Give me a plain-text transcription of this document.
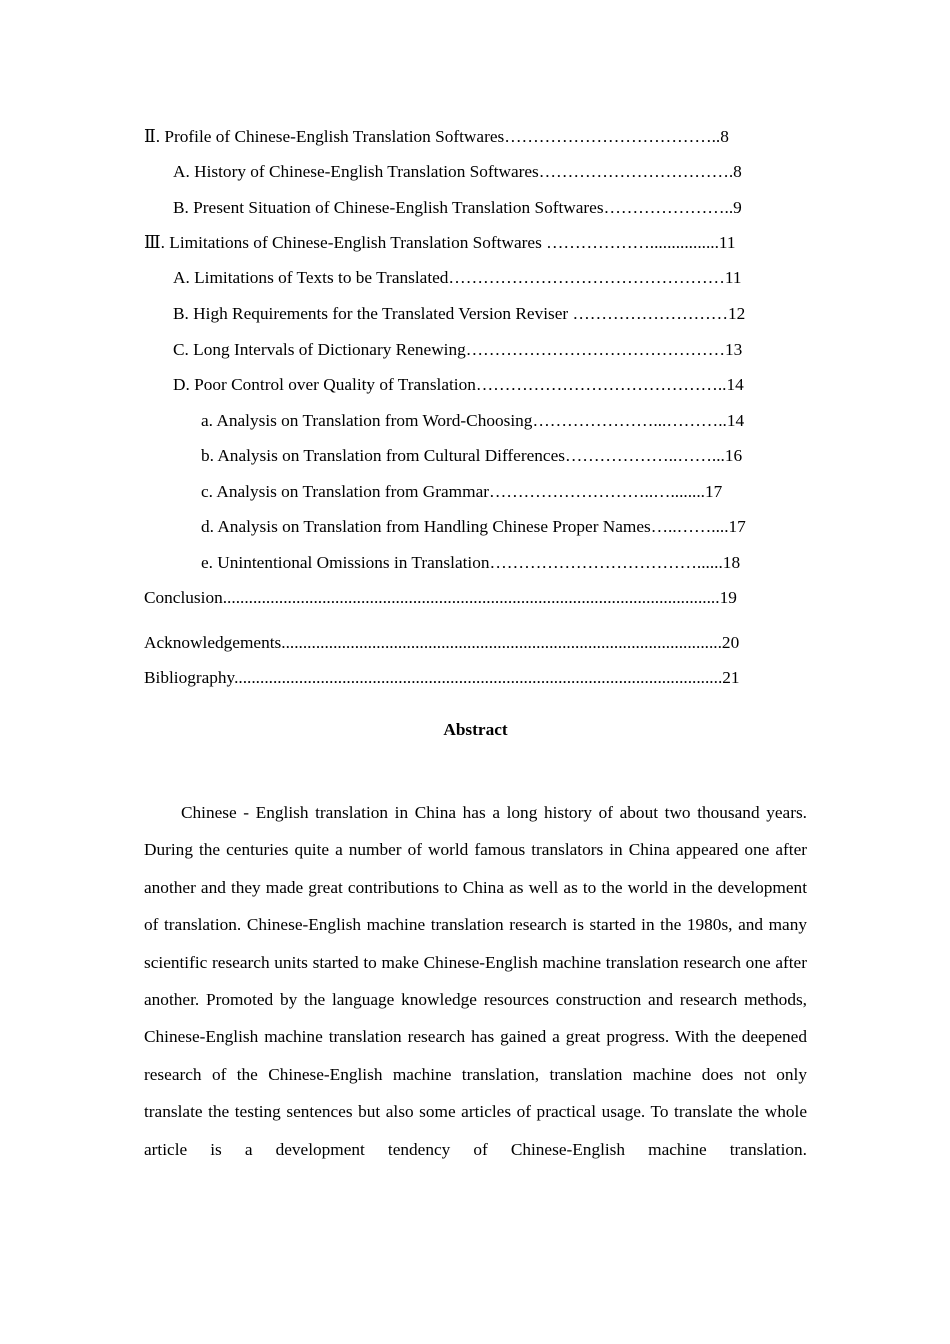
Ⅱ. Profile of Chinese-English Translation Softwares………………………………..8
A. History of Chinese-English Translation Softwares…………………………….8
B. Present Situation of Chinese-English Translation Softwares…………………..9
Ⅲ. Limitations of Chinese-English Translation Softwares ………………................11
A. Limitations of Texts to be Translated…………………………………………11
B. High Requirements for the Translated Version Reviser ………………………12
C. Long Intervals of Dictionary Renewing………………………………………13
D. Poor Control over Quality of Translation……………………………………..14
a. Analysis on Translation from Word-Choosing…………………...………..14
b. Analysis on Translation from Cultural Differences………………..……...16
c. Analysis on Translation from Grammar………………………..…........17
d. Analysis on Translation from Handling Chinese Proper Names…..……....17
e. Unintentional Omissions in Translation………………………………......18
Conclusion...................................................................................................................19
Acknowledgements......................................................................................................20
Bibliography.................................................................................................................21
Abstract

Chinese - English translation in China has a long history of about two thousand years. During the centuries quite a number of world famous translators in China appeared one after another and they made great contributions to China as well as to the world in the development of translation. Chinese-English machine translation research is started in the 1980s, and many scientific research units started to make Chinese-English machine translation research one after another. Promoted by the language knowledge resources construction and research methods, Chinese-English machine translation research has gained a great progress. With the deepened research of the Chinese-English machine translation, translation machine does not only translate the testing sentences but also some articles of practical usage. To translate the whole article is a development tendency of Chinese-English machine translation.
